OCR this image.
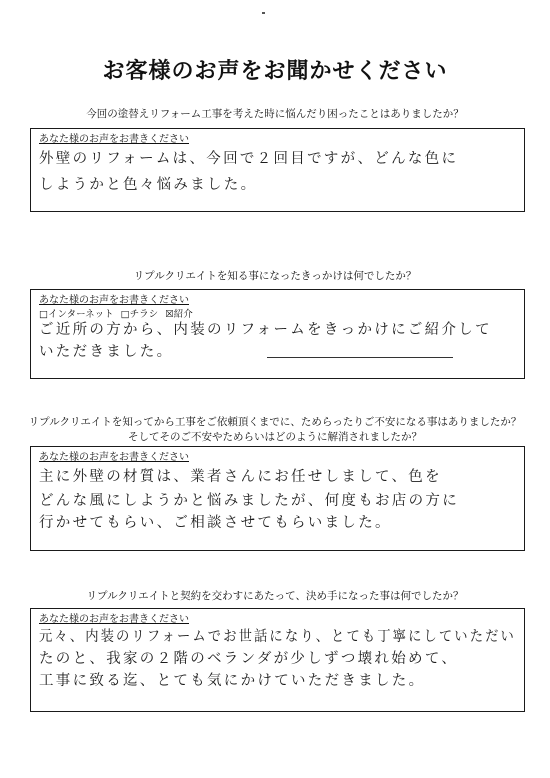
お客様のお声をお聞かせください
今回の塗替えリフォーム工事を考えた時に悩んだり困ったことはありましたか？
あなた様のお声をお書きください
外壁のリフォームは、今回で２回目ですが、どんな色に
しようかと色々悩みました。
リプルクリエイトを知る事になったきっかけは何でしたか？
あなた様のお声をお書きください
□インターネット □チラシ ☒紹介
ご近所の方から、内装のリフォームをきっかけにご紹介して
いただきました。
リプルクリエイトを知ってから工事をご依頼頂くまでに、ためらったりご不安になる事はありましたか？
そしてそのご不安やためらいはどのように解消されましたか？
あなた様のお声をお書きください
主に外壁の材質は、業者さんにお任せしまして、色を
どんな風にしようかと悩みましたが、何度もお店の方に
行かせてもらい、ご相談させてもらいました。
リプルクリエイトと契約を交わすにあたって、決め手になった事は何でしたか？
あなた様のお声をお書きください
元々、内装のリフォームでお世話になり、とても丁寧にしていただい
たのと、我家の２階のベランダが少しずつ壊れ始めて、
工事に致る迄、とても気にかけていただきました。
